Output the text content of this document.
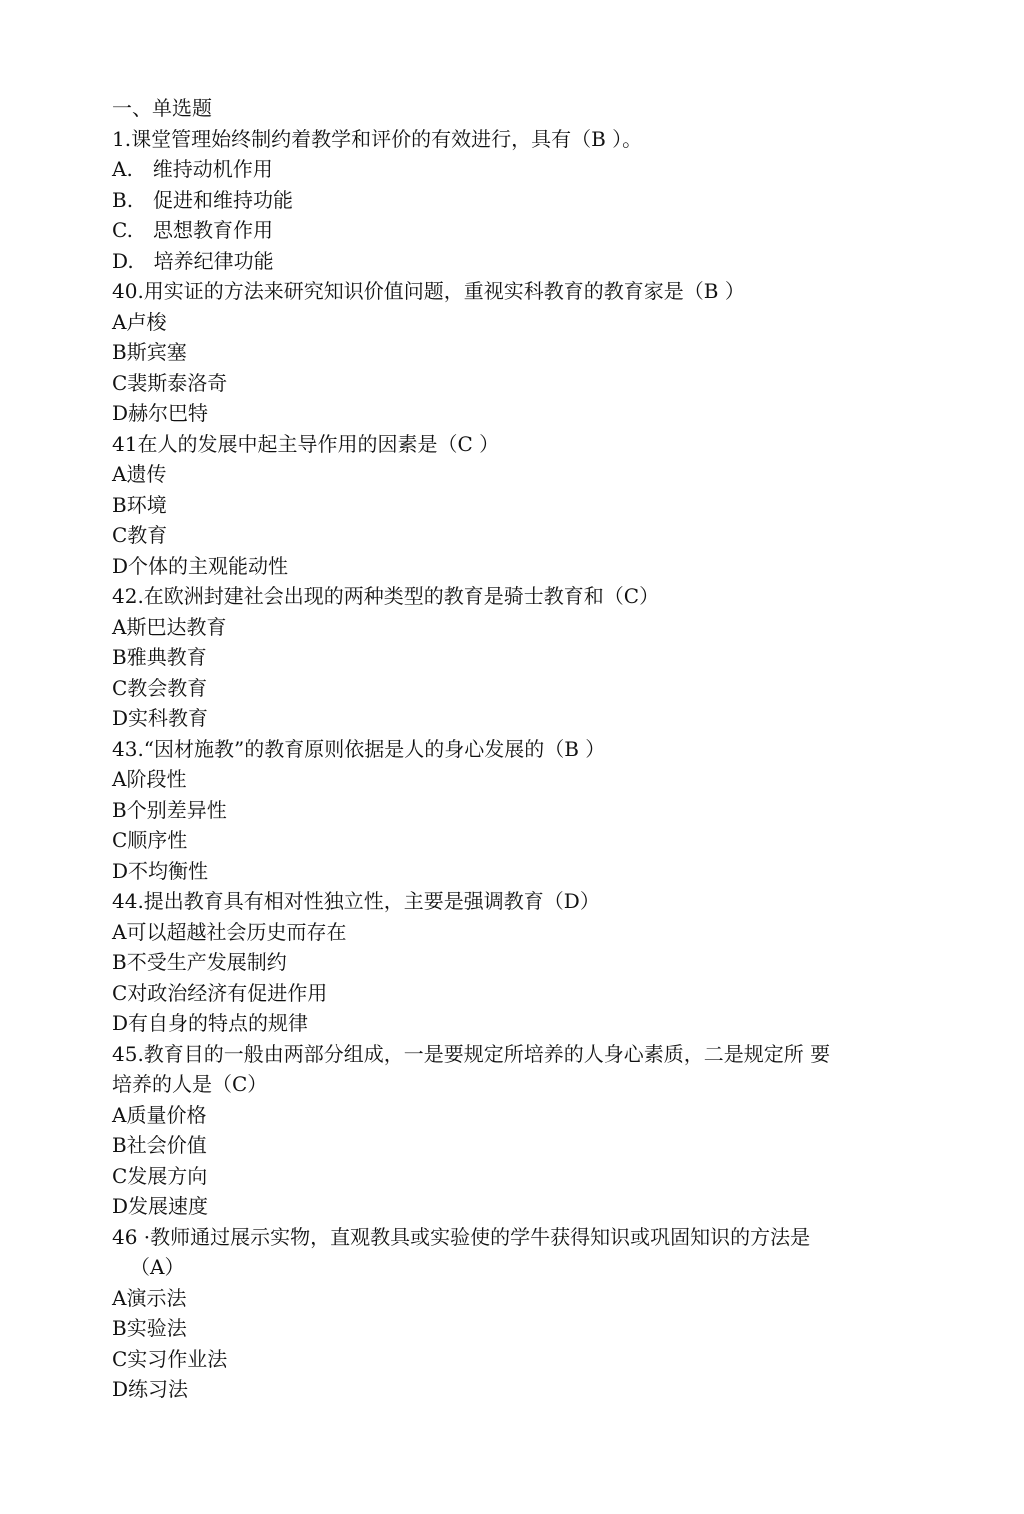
一、单选题
1.课堂管理始终制约着教学和评价的有效进行，具有（B ）。
A.　维持动机作用
B.　促进和维持功能
C.　思想教育作用
D.　培养纪律功能
40.用实证的方法来研究知识价值问题，重视实科教育的教育家是（B ）
A卢梭
B斯宾塞
C裴斯泰洛奇
D赫尔巴特
41在人的发展中起主导作用的因素是（C ）
A遗传
B环境
C教育
D个体的主观能动性
42.在欧洲封建社会出现的两种类型的教育是骑士教育和（C）
A斯巴达教育
B雅典教育
C教会教育
D实科教育
43.“因材施教”的教育原则依据是人的身心发展的（B ）
A阶段性
B个别差异性
C顺序性
D不均衡性
44.提出教育具有相对性独立性，主要是强调教育（D）
A可以超越社会历史而存在
B不受生产发展制约
C对政治经济有促进作用
D有自身的特点的规律
45.教育目的一般由两部分组成，一是要规定所培养的人身心素质，二是规定所 要
培养的人是（C）
A质量价格
B社会价值
C发展方向
D发展速度
46 ·教师通过展示实物，直观教具或实验使的学牛获得知识或巩固知识的方法是
（A）
A演示法
B实验法
C实习作业法
D练习法
